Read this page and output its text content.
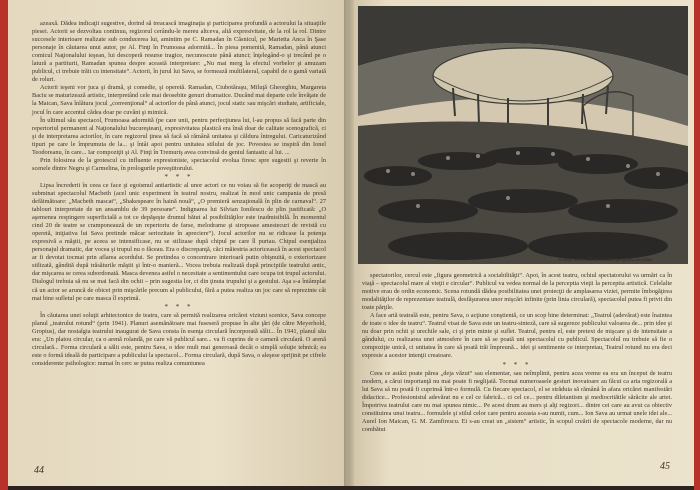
azeaxă. Dădea indicaţii sugestive, dorind să treacască imaginaţia şi participarea profundă a actorului la situaţiile piesei. Actorii se dezvoltau continuu, regizorul cerându-le mereu altceva, altă expresivitate, de la rol la rol. Dintre succesele interioare realizate sub conducerea lui, amintim pe C. Ramadan în Căsnicul, pe Marietta Anca în Şase personaje în căutarea unui autor, pe Al. Finţi în Frumoasa adormită... În piesa pomenită, Ramadan, până atunci comicul Naţionalului ieşean, lui descoperă resurse tragice, necunoscute până atunci; înţelegând-o şi trecând pe o latură a partiturii, Ramadan spunea despre această interpretare: „Nu mai merg la efectul vorbelor şi amuzam publicul, ci trebuie trăit cu intensitate“. Actorii, în jurul lui Sava, se formează multilateral, capabil de o gamă variată de roluri.

Actorii ieşeni vor juca şi dramă, şi comedie, şi operetă. Ramadan, Ciubotăraşu, Miluţă Gheorghiu, Margareta Baciu se maturizează artistic, interpretând cele mai deosebite genuri dramatice. Ducând mai departe cele învăţate de la Maican, Sava înlătura jocul „convenţional“ al actorilor de până atunci, jocul static sau mişcări studiate, artificiale, jocul în care accentul cădea doar pe cuvânt şi mimică.

În ultimul său spectacol, Frumoasa adormită (pe care unii, pentru perfecţiunea lui, l-au propus să facă parte din repertoriul permanent al Naţionalului bucureştean), expresivitatea plastică era însă doar de calitate scenografică, ci şi de interpretarea actorilor, în care regizorul ţinea să facă să rămână unitatea şi căldura întregului. Caricaturizând tipuri pe care le împrumuta de la... şi întâi apoi pentru unitatea stilului de joc. Povestea se inspiră din Ionel Teodoreanu, în care... Iar compoziţii şi Al. Finţi în Tremuriş avea convinsă de geniul fantastic al lui. ...

Prin folosirea de la grotescul cu influente expresioniste, spectacolul evolua firesc spre sugestii şi reverie în scenele dintre Negru şi Carmelina, în prologurile poveştitorului.

* * *

Lipsa încrederii în ceea ce face şi egoismul antiartistic al unor actori ce nu voiau să fie acoperiţi de mască au subminat spectacolul Macbeth (acel unic experiment în teatrul nostru, realizat în mod unic campania de presă defăimătoare: „Macbeth mascat“, „Shakespeare în haină nouă“, „O premieră senzaţională în plin de carnaval“. 27 tablouri interpretate de un ansamblu de 39 persoane“. Indignarea lui Silvian Ionilescu de plin justificată: „O aşemenea respingere superficială a tot ce depăşeşte drumul bătut al posibilităţilor este inadmisibilă. În momentul cind 20 de teatre se cramponeauză de un repertoriu de farse, melodrame şi siropoase amestecuri de revistă cu operetă, iniţiativa lui Sava pretinde măcar seriozitate în apreciere“). Jocul actorilor nu se ridicase la potenţa expresivă a măştii, pe aceea se intensificase, nu se stilizase după chipul pe care îl purtau. Chipul esenţializa personajul dramatic, dar vocea şi trupul nu o făceau. Era o discrepanţă, căci măiestria actoricească în acest spectacol ar fi devotat tocmai prin aflarea acordului. Se pretindea o concentrare interioară putin obişnuită, o exteriorizare stilizată, gândită după trăsăturile măştii şi într-o manieră... Vocea trebuia realizată după principiile teatrului antic, dar mişcarea se cerea subordonată. Masca devenea astfel o necesitate a sentimentului care ocupa tot trupul actorului. Dialogul trebuia să nu se mai facă din ochii – prin sugestia lor, ci din ţinuta trupului şi a gestului. Aşa s-a întâmplat că un actor se aruncă de obicei prin mişcările precum al publicului, fără a putea realiza un joc care să reprezinte cât mai bine sufletul pe care masca îl exprimă.

* * *

În căutarea unei soluţii arhitectonice de teatru, care să permită realizarea oricărei viziuni scenice, Sava concepe planul „teatrului rotund“ (prin 1941). Planuri asemănătoare mai fuseseră propuse în alte ţări (de către Meyerhold, Gropius), dar nostalgia teatrului inaugurat de Sava consta în esenţa circulară încorporată sălii... În 1941, planul său era: „Un platou circular, ca o arenă rolandă, pe care vă publicul sare... va fi cuprins de o cameră circulară. O arenă circulară... Forma circulară a sălii este, pentru Sava, o idee mult mai generoasă decât o simplă soluţie tehnică; ea este o formă ideală de participare a publicului la spectacol... Forma circulară, după Sava, o aleşese sprijinit pe cifrele considerente psihologice: numai în cerc se putea realiza comuniunea

44
Schiţa unei săli de teatru pe plan circular

spectatorilor, cercul este „figura geometrică a sociabilităţii“. Apoi, în acest teatru, ochiul spectatorului va urmări ca în viaţă – spectacolul mare al vieţii e circular“. Publicul va vedea normal de la perceptia vieţii la perceptia artistică. Celelalte motive erau de ordin economic. Scena rotundă dădea posibilitatea unei proiecţii de amplasarea viziei, permite îmbogăţirea modalităţilor de reprezentare teatrală, desfăşurarea unor mişcări infinite (prin linia circulară), spectacolul putea fi privit din toate părţile.

A face artă teatrală este, pentru Sava, o acţiune conştientă, ce un scop bine determinat: „Teatrul (adevărat) este înaintea de toate o idee de teatru“. Teatrul visat de Sava este un teatru-sinteză, care să sugereze publicului valoarea de... prin idee şi nu doar prin ochii şi urechile sale, ci şi prin minte şi suflet. Teatrul, pentru el, este pretext de mişcare şi de intensitate a gândului, cu realizarea unei atmosfere în care să se poată uni spectacolul cu publicul. Spectacolul nu trebuie să fie o compoziţie unică, ci unitatea în care să poată trăi împreună... idei şi sentimente ce interpretau, Teatrul rotund nu era deci expresie a acestor intenţii creatoare.

* * *

Ceea ce astăzi poate părea „deja văzut“ sau elementar, sau neîmplinit, pentru acea vreme ea era un început de teatru modern, a cărui importanţă nu mai poate fi neglijată. Tocmai numeroasele gesturi inovatoare au făcut ca arta regizorală a lui Sava să nu poată fi cuprinsă într-o formulă. Cu fiecare spectacol, el se străduia să rămână în afara oricărei manifestări didactice... Profesionistul adevărat nu e cel ce fabrică... ci cel ce... pentru diletantism şi mediocritătile sărăcite ale artei. Împotriva teatrului care nu mai spunea nimic... Pe acest drum au mers şi alţi regizori... dintre cei care au avut ca obiectiv constituirea unui teatru... formulele şi stilul celor care pentru aceasta s-au numit, cum... Ion Sava au urmat unele idei ale... Aurel Ion Maican, G. M. Zamfirescu. Ei s-au creat un „sistem“ artistic, în scopul creării de spectacole moderne, dar nu combătut

45
